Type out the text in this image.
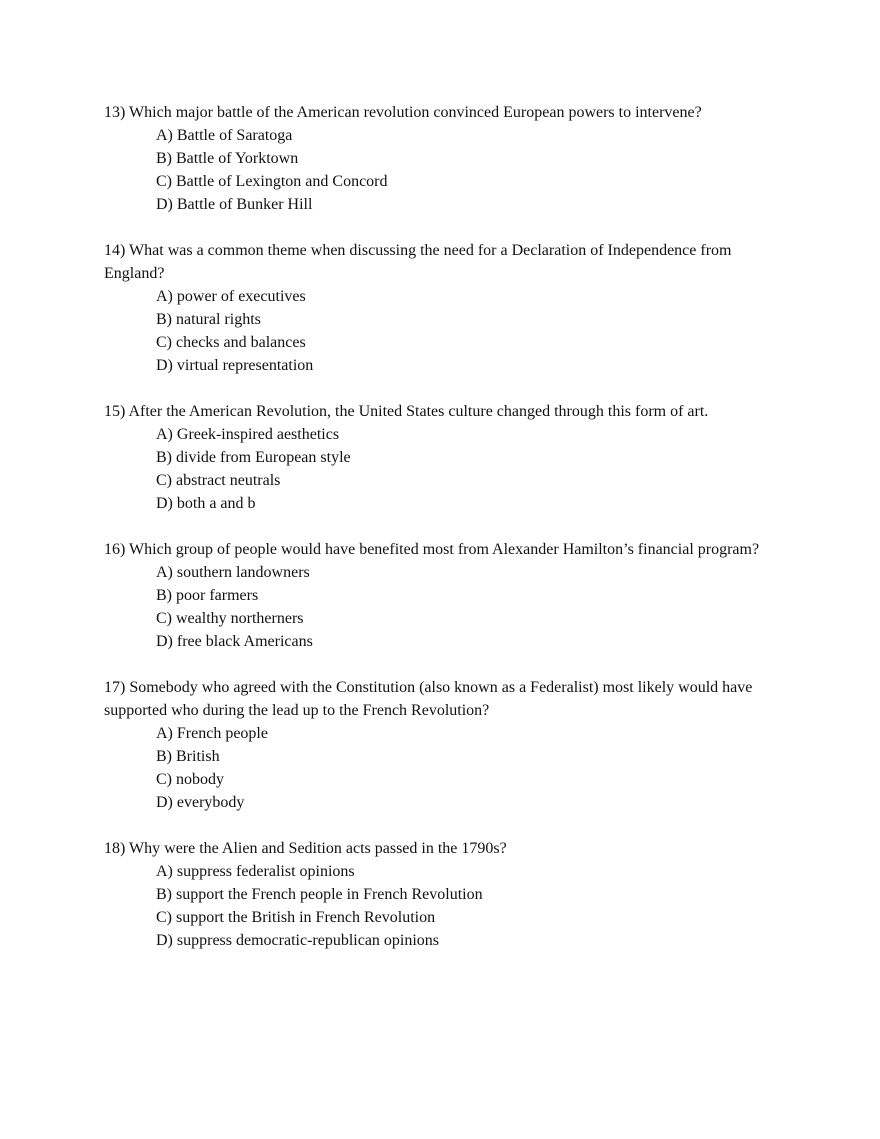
13) Which major battle of the American revolution convinced European powers to intervene?

A) Battle of Saratoga

B) Battle of Yorktown

C) Battle of Lexington and Concord

D) Battle of Bunker Hill

14) What was a common theme when discussing the need for a Declaration of Independence from England?

A) power of executives

B) natural rights

C) checks and balances

D) virtual representation

15) After the American Revolution, the United States culture changed through this form of art.

A) Greek-inspired aesthetics

B) divide from European style

C) abstract neutrals

D) both a and b

16) Which group of people would have benefited most from Alexander Hamilton’s financial program?

A) southern landowners

B) poor farmers

C) wealthy northerners

D) free black Americans

17) Somebody who agreed with the Constitution (also known as a Federalist) most likely would have supported who during the lead up to the French Revolution?

A) French people

B) British

C) nobody

D) everybody

18) Why were the Alien and Sedition acts passed in the 1790s?

A) suppress federalist opinions

B) support the French people in French Revolution

C) support the British in French Revolution

D) suppress democratic-republican opinions
